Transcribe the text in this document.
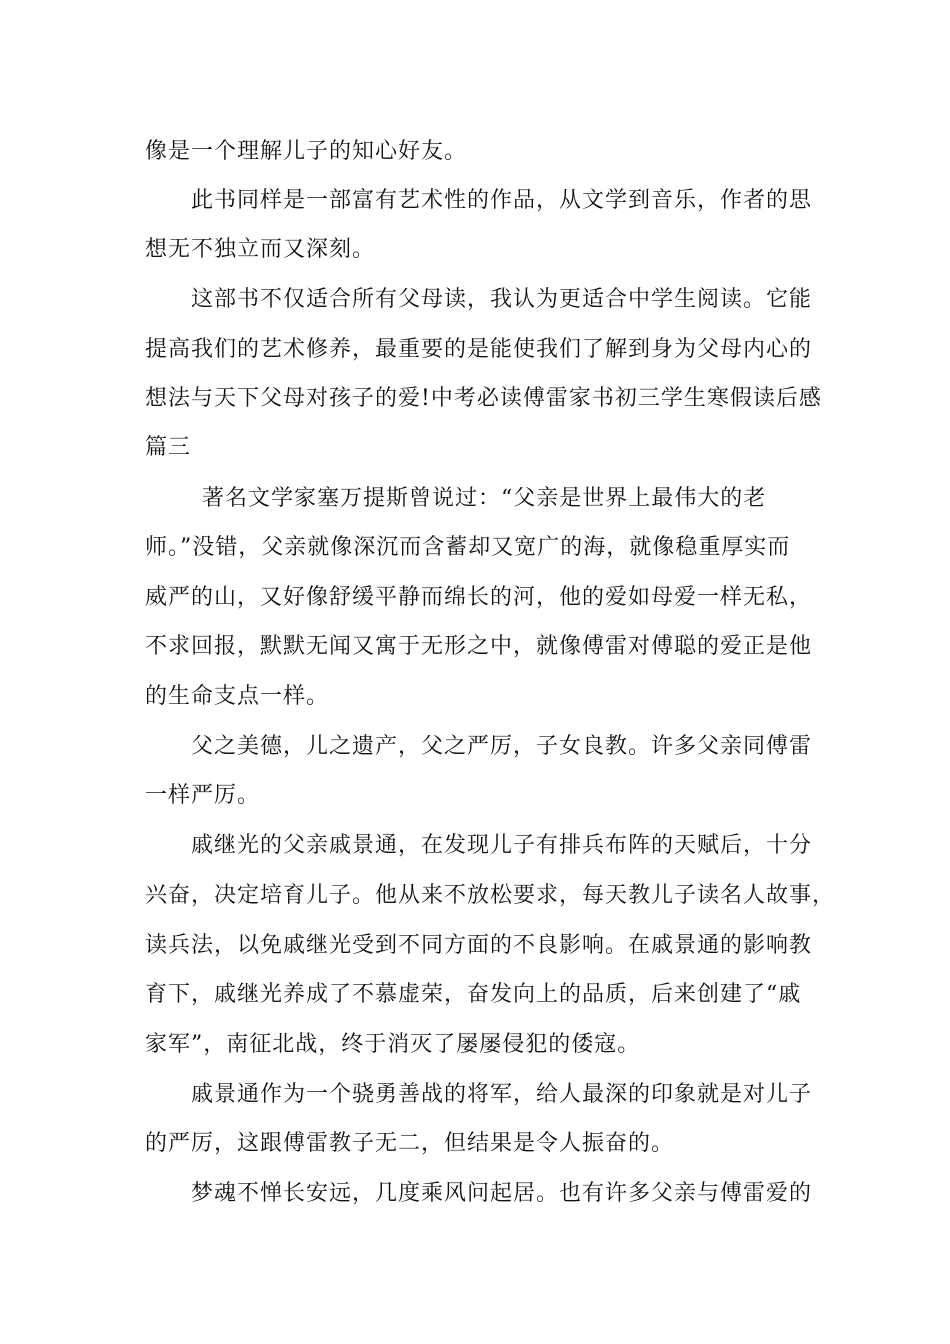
像是一个理解儿子的知心好友。
此书同样是一部富有艺术性的作品，从文学到音乐，作者的思
想无不独立而又深刻。
这部书不仅适合所有父母读，我认为更适合中学生阅读。它能
提高我们的艺术修养，最重要的是能使我们了解到身为父母内心的
想法与天下父母对孩子的爱!中考必读傅雷家书初三学生寒假读后感
篇三
著名文学家塞万提斯曾说过：“父亲是世界上最伟大的老
师。”没错，父亲就像深沉而含蓄却又宽广的海，就像稳重厚实而
威严的山，又好像舒缓平静而绵长的河，他的爱如母爱一样无私，
不求回报，默默无闻又寓于无形之中，就像傅雷对傅聪的爱正是他
的生命支点一样。
父之美德，儿之遗产，父之严厉，子女良教。许多父亲同傅雷
一样严厉。
戚继光的父亲戚景通，在发现儿子有排兵布阵的天赋后，十分
兴奋，决定培育儿子。他从来不放松要求，每天教儿子读名人故事，
读兵法，以免戚继光受到不同方面的不良影响。在戚景通的影响教
育下，戚继光养成了不慕虚荣，奋发向上的品质，后来创建了“戚
家军”，南征北战，终于消灭了屡屡侵犯的倭寇。
戚景通作为一个骁勇善战的将军，给人最深的印象就是对儿子
的严厉，这跟傅雷教子无二，但结果是令人振奋的。
梦魂不惮长安远，几度乘风问起居。也有许多父亲与傅雷爱的
